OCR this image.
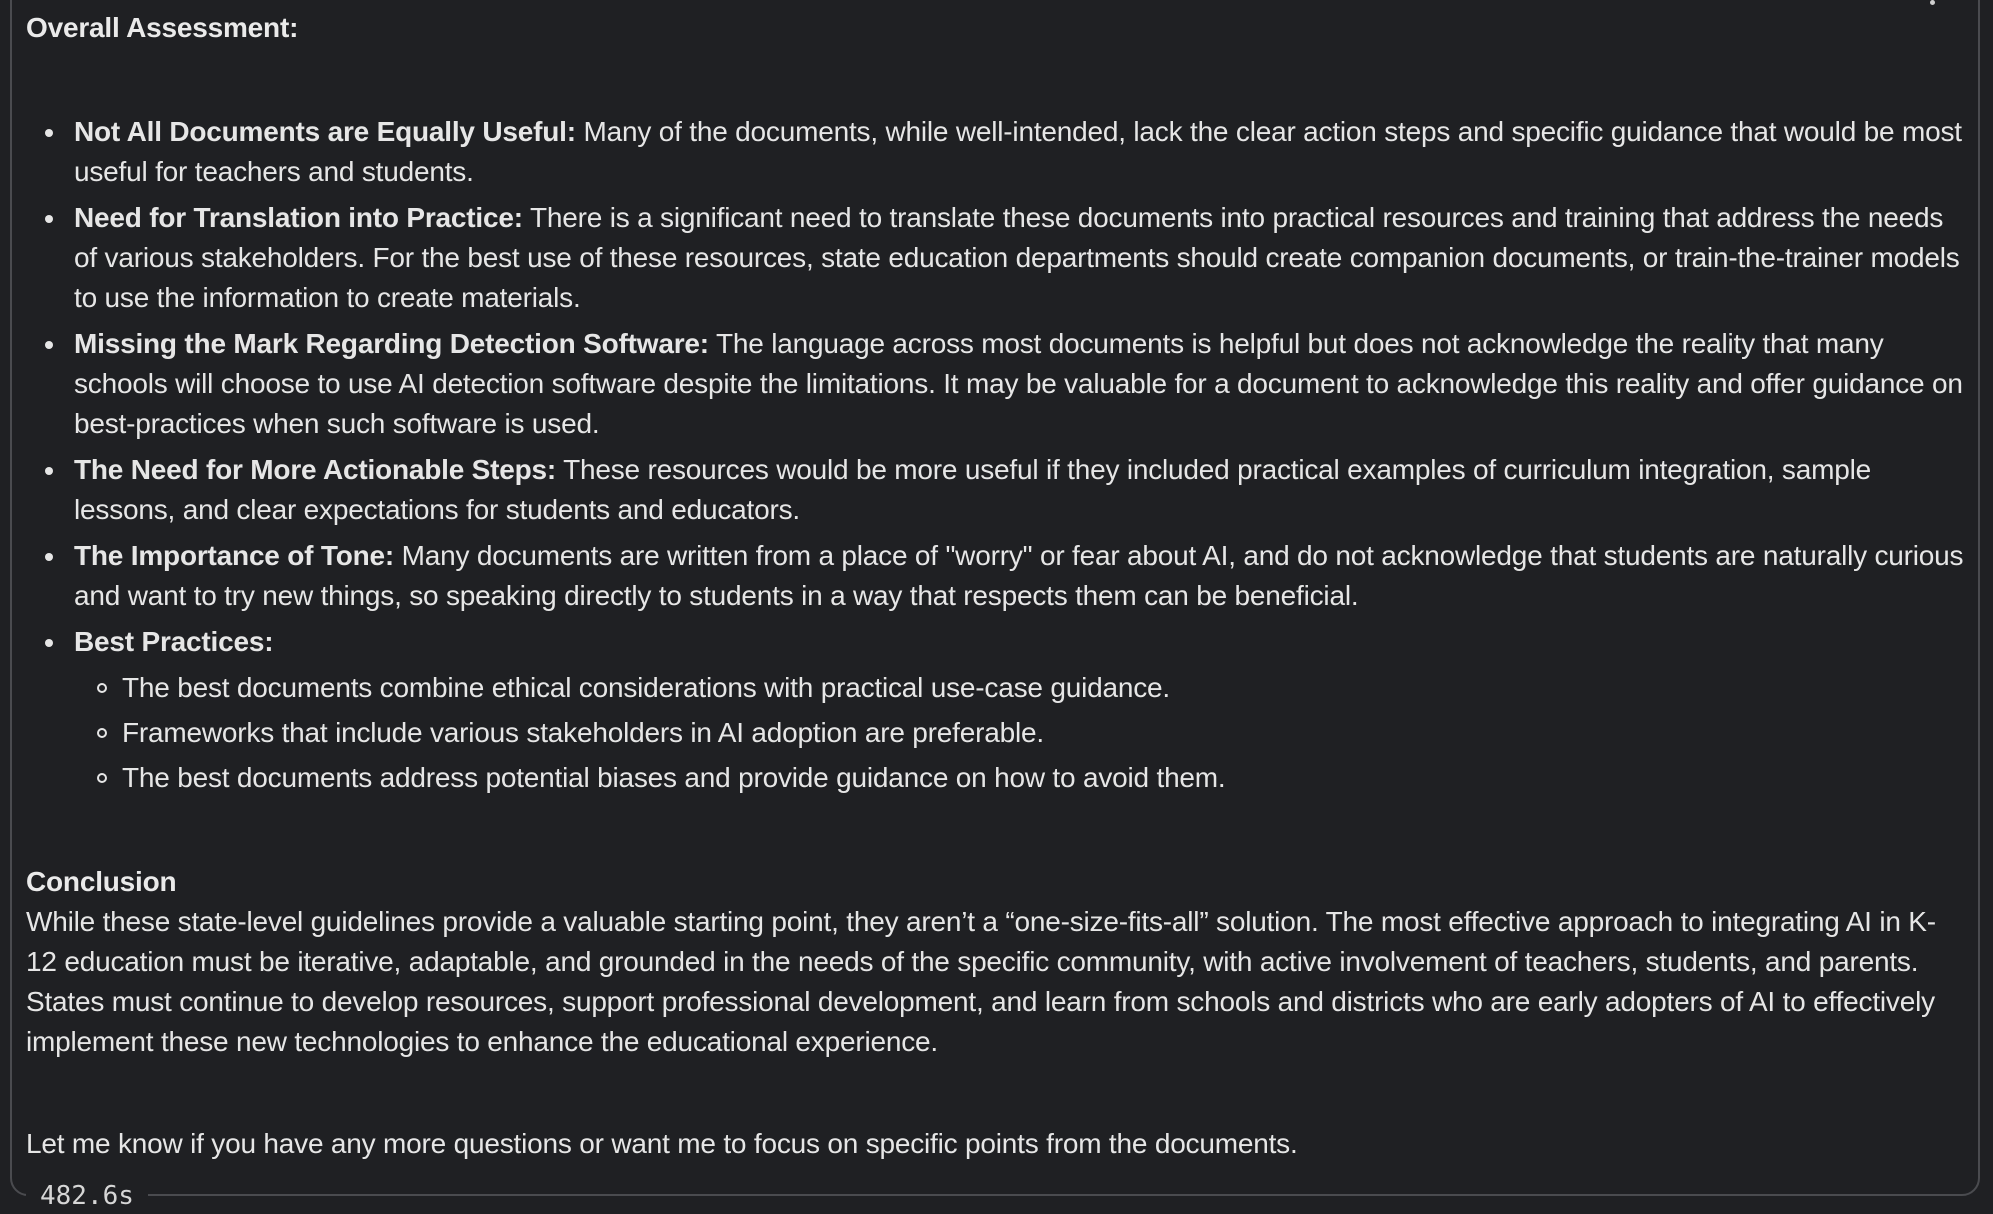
Overall Assessment:

Not All Documents are Equally Useful: Many of the documents, while well-intended, lack the clear action steps and specific guidance that would be most useful for teachers and students.
Need for Translation into Practice: There is a significant need to translate these documents into practical resources and training that address the needs of various stakeholders. For the best use of these resources, state education departments should create companion documents, or train-the-trainer models to use the information to create materials.
Missing the Mark Regarding Detection Software: The language across most documents is helpful but does not acknowledge the reality that many schools will choose to use AI detection software despite the limitations. It may be valuable for a document to acknowledge this reality and offer guidance on best-practices when such software is used.
The Need for More Actionable Steps: These resources would be more useful if they included practical examples of curriculum integration, sample lessons, and clear expectations for students and educators.
The Importance of Tone: Many documents are written from a place of "worry" or fear about AI, and do not acknowledge that students are naturally curious and want to try new things, so speaking directly to students in a way that respects them can be beneficial.
Best Practices:
The best documents combine ethical considerations with practical use-case guidance.
Frameworks that include various stakeholders in AI adoption are preferable.
The best documents address potential biases and provide guidance on how to avoid them.

Conclusion

While these state-level guidelines provide a valuable starting point, they aren’t a “one-size-fits-all” solution. The most effective approach to integrating AI in K-12 education must be iterative, adaptable, and grounded in the needs of the specific community, with active involvement of teachers, students, and parents. States must continue to develop resources, support professional development, and learn from schools and districts who are early adopters of AI to effectively implement these new technologies to enhance the educational experience.

Let me know if you have any more questions or want me to focus on specific points from the documents.

482.6s
